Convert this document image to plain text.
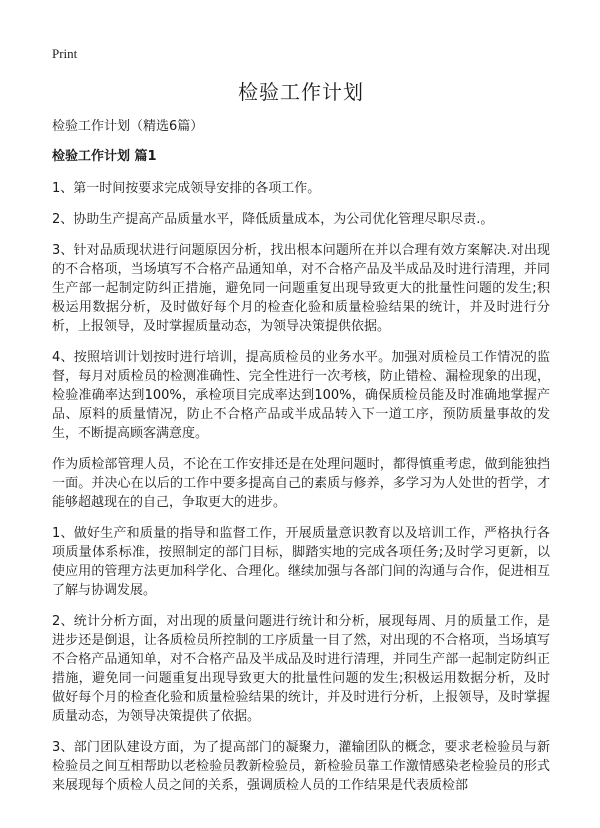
Print
检验工作计划

检验工作计划（精选6篇）

检验工作计划 篇1

1、第一时间按要求完成领导安排的各项工作。

2、协助生产提高产品质量水平，降低质量成本，为公司优化管理尽职尽责.。

3、针对品质现状进行问题原因分析，找出根本问题所在并以合理有效方案解决.对出现的不合格项，当场填写不合格产品通知单，对不合格产品及半成品及时进行清理，并同生产部一起制定防纠正措施，避免同一问题重复出现导致更大的批量性问题的发生;积极运用数据分析，及时做好每个月的检查化验和质量检验结果的统计，并及时进行分析，上报领导，及时掌握质量动态，为领导决策提供依据。

4、按照培训计划按时进行培训，提高质检员的业务水平。加强对质检员工作情况的监督，每月对质检员的检测准确性、完全性进行一次考核，防止错检、漏检现象的出现，检验准确率达到100%，承检项目完成率达到100%，确保质检员能及时准确地掌握产品、原料的质量情况，防止不合格产品或半成品转入下一道工序，预防质量事故的发生，不断提高顾客满意度。

作为质检部管理人员，不论在工作安排还是在处理问题时，都得慎重考虑，做到能独挡一面。并决心在以后的工作中要多提高自己的素质与修养，多学习为人处世的哲学，才能够超越现在的自己，争取更大的进步。

1、做好生产和质量的指导和监督工作，开展质量意识教育以及培训工作，严格执行各项质量体系标准，按照制定的部门目标，脚踏实地的完成各项任务;及时学习更新，以使应用的管理方法更加科学化、合理化。继续加强与各部门间的沟通与合作，促进相互了解与协调发展。

2、统计分析方面，对出现的质量问题进行统计和分析，展现每周、月的质量工作，是进步还是倒退，让各质检员所控制的工序质量一目了然，对出现的不合格项，当场填写不合格产品通知单，对不合格产品及半成品及时进行清理，并同生产部一起制定防纠正措施，避免同一问题重复出现导致更大的批量性问题的发生;积极运用数据分析，及时做好每个月的检查化验和质量检验结果的统计，并及时进行分析，上报领导，及时掌握质量动态，为领导决策提供了依据。

3、部门团队建设方面，为了提高部门的凝聚力，灌输团队的概念，要求老检验员与新检验员之间互相帮助以老检验员教新检验员，新检验员靠工作激情感染老检验员的形式来展现每个质检人员之间的关系，强调质检人员的工作结果是代表质检部
